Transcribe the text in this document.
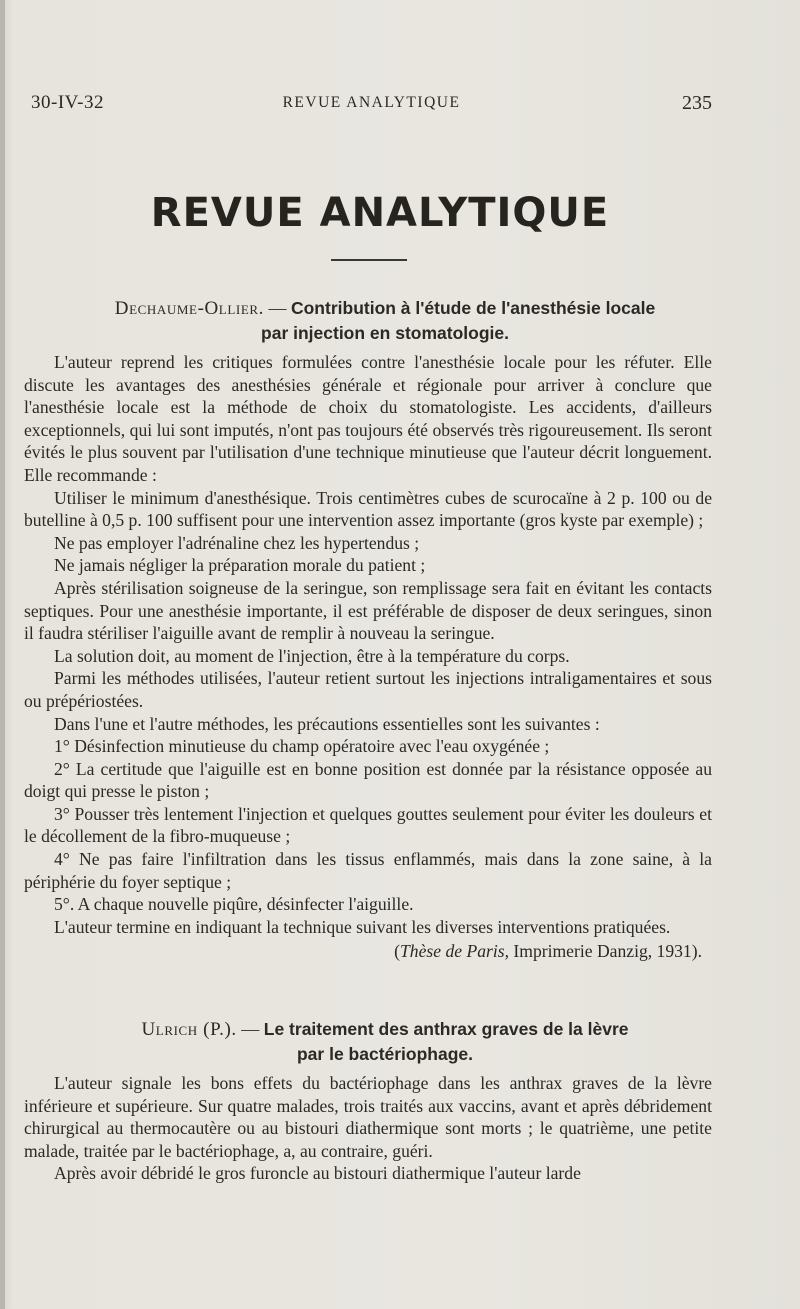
30-IV-32	REVUE ANALYTIQUE	235
REVUE ANALYTIQUE
Dechaume-Ollier. — Contribution à l'étude de l'anesthésie locale
par injection en stomatologie.

L'auteur reprend les critiques formulées contre l'anesthésie locale pour les réfuter. Elle discute les avantages des anesthésies générale et régionale pour arriver à conclure que l'anesthésie locale est la méthode de choix du stomatologiste. Les accidents, d'ailleurs exceptionnels, qui lui sont imputés, n'ont pas toujours été observés très rigoureusement. Ils seront évités le plus souvent par l'utilisation d'une technique minutieuse que l'auteur décrit longuement. Elle recommande :

Utiliser le minimum d'anesthésique. Trois centimètres cubes de scurocaïne à 2 p. 100 ou de butelline à 0,5 p. 100 suffisent pour une intervention assez importante (gros kyste par exemple) ;

Ne pas employer l'adrénaline chez les hypertendus ;

Ne jamais négliger la préparation morale du patient ;

Après stérilisation soigneuse de la seringue, son remplissage sera fait en évitant les contacts septiques. Pour une anesthésie importante, il est préférable de disposer de deux seringues, sinon il faudra stériliser l'aiguille avant de remplir à nouveau la seringue.

La solution doit, au moment de l'injection, être à la température du corps.

Parmi les méthodes utilisées, l'auteur retient surtout les injections intraligamentaires et sous ou prépériostées.

Dans l'une et l'autre méthodes, les précautions essentielles sont les suivantes :

1° Désinfection minutieuse du champ opératoire avec l'eau oxygénée ;

2° La certitude que l'aiguille est en bonne position est donnée par la résistance opposée au doigt qui presse le piston ;

3° Pousser très lentement l'injection et quelques gouttes seulement pour éviter les douleurs et le décollement de la fibro-muqueuse ;

4° Ne pas faire l'infiltration dans les tissus enflammés, mais dans la zone saine, à la périphérie du foyer septique ;

5°. A chaque nouvelle piqûre, désinfecter l'aiguille.

L'auteur termine en indiquant la technique suivant les diverses interventions pratiquées.

(Thèse de Paris, Imprimerie Danzig, 1931).

Ulrich (P.). — Le traitement des anthrax graves de la lèvre
par le bactériophage.

L'auteur signale les bons effets du bactériophage dans les anthrax graves de la lèvre inférieure et supérieure. Sur quatre malades, trois traités aux vaccins, avant et après débridement chirurgical au thermocautère ou au bistouri diathermique sont morts ; le quatrième, une petite malade, traitée par le bactériophage, a, au contraire, guéri.

Après avoir débridé le gros furoncle au bistouri diathermique l'auteur larde
